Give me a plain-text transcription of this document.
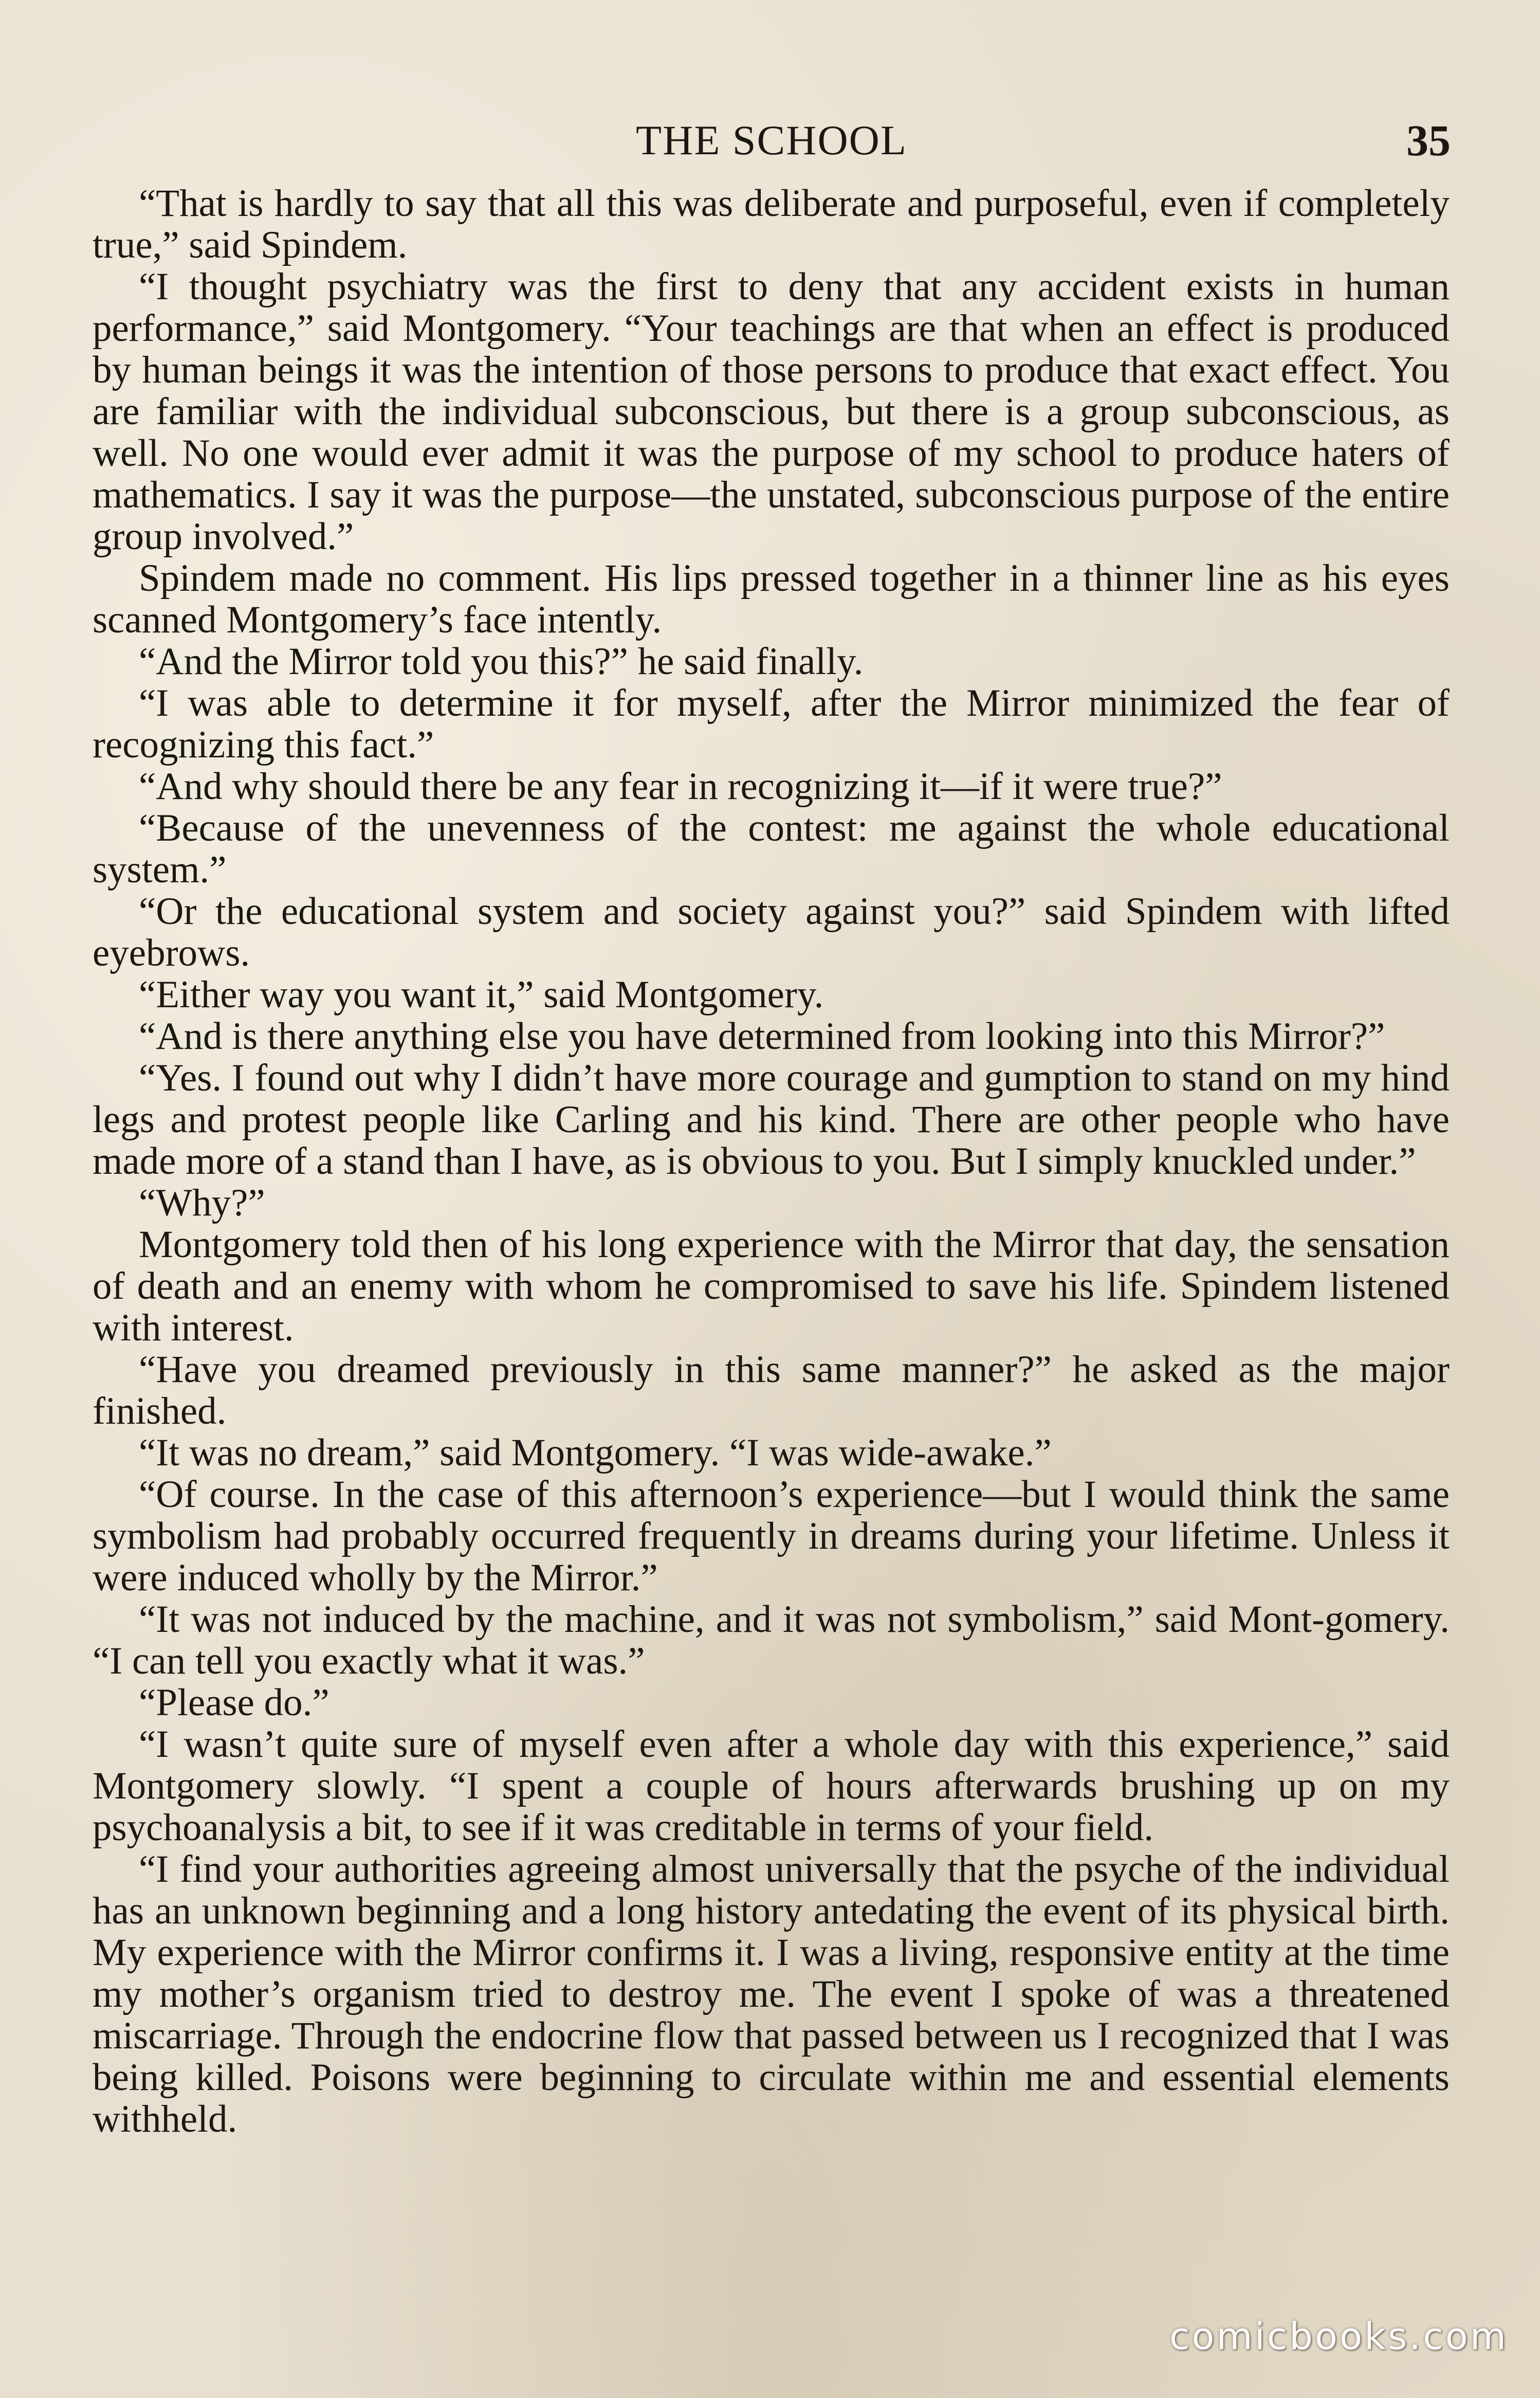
THE SCHOOL	35

“That is hardly to say that all this was deliberate and purposeful, even if completely true,” said Spindem.

“I thought psychiatry was the first to deny that any accident exists in human performance,” said Montgomery. “Your teachings are that when an effect is produced by human beings it was the intention of those persons to produce that exact effect. You are familiar with the individual subconscious, but there is a group subconscious, as well. No one would ever admit it was the purpose of my school to produce haters of mathematics. I say it was the purpose—the unstated, subconscious purpose of the entire group involved.”

Spindem made no comment. His lips pressed together in a thinner line as his eyes scanned Montgomery’s face intently.

“And the Mirror told you this?” he said finally.

“I was able to determine it for myself, after the Mirror minimized the fear of recognizing this fact.”

“And why should there be any fear in recognizing it—if it were true?”

“Because of the unevenness of the contest: me against the whole educational system.”

“Or the educational system and society against you?” said Spindem with lifted eyebrows.

“Either way you want it,” said Montgomery.

“And is there anything else you have determined from looking into this Mirror?”

“Yes. I found out why I didn’t have more courage and gumption to stand on my hind legs and protest people like Carling and his kind. There are other people who have made more of a stand than I have, as is obvious to you. But I simply knuckled under.”

“Why?”

Montgomery told then of his long experience with the Mirror that day, the sensation of death and an enemy with whom he compromised to save his life. Spindem listened with interest.

“Have you dreamed previously in this same manner?” he asked as the major finished.

“It was no dream,” said Montgomery. “I was wide-awake.”

“Of course. In the case of this afternoon’s experience—but I would think the same symbolism had probably occurred frequently in dreams during your lifetime. Unless it were induced wholly by the Mirror.”

“It was not induced by the machine, and it was not symbolism,” said Mont-gomery. “I can tell you exactly what it was.”

“Please do.”

“I wasn’t quite sure of myself even after a whole day with this experience,” said Montgomery slowly. “I spent a couple of hours afterwards brushing up on my psychoanalysis a bit, to see if it was creditable in terms of your field.

“I find your authorities agreeing almost universally that the psyche of the individual has an unknown beginning and a long history antedating the event of its physical birth. My experience with the Mirror confirms it. I was a living, responsive entity at the time my mother’s organism tried to destroy me. The event I spoke of was a threatened miscarriage. Through the endocrine flow that passed between us I recognized that I was being killed. Poisons were beginning to circulate within me and essential elements withheld.

comicbooks.com
